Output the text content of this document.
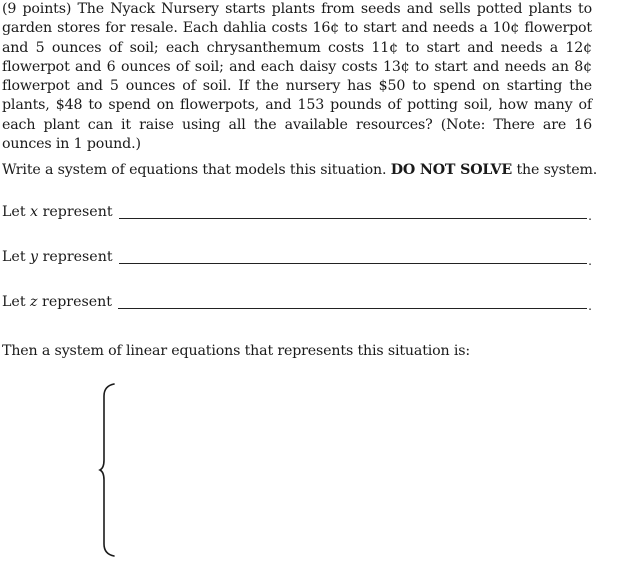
(9 points) The Nyack Nursery starts plants from seeds and sells potted plants to garden stores for resale. Each dahlia costs 16¢ to start and needs a 10¢ flowerpot and 5 ounces of soil; each chrysanthemum costs 11¢ to start and needs a 12¢ flowerpot and 6 ounces of soil; and each daisy costs 13¢ to start and needs an 8¢ flowerpot and 5 ounces of soil. If the nursery has $50 to spend on starting the plants, $48 to spend on flowerpots, and 153 pounds of potting soil, how many of each plant can it raise using all the available resources? (Note: There are 16 ounces in 1 pound.)

Write a system of equations that models this situation. DO NOT SOLVE the system.
Let x represent	.
Let y represent	.
Let z represent	.
Then a system of linear equations that represents this situation is:
